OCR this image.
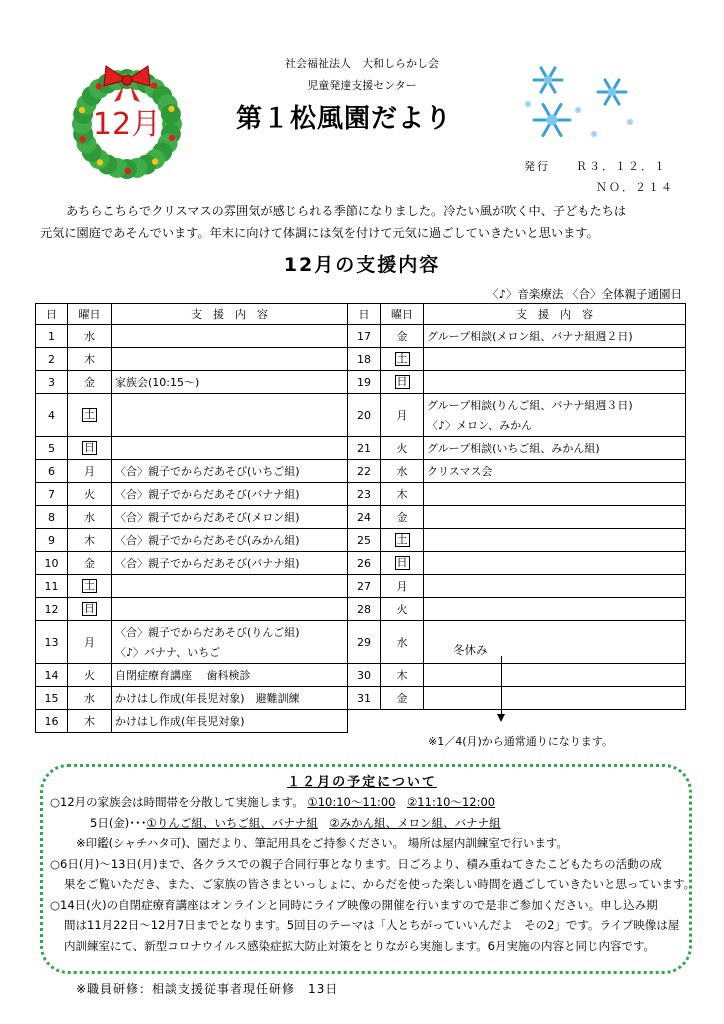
12月
社会福祉法人　大和しらかし会
児童発達支援センター
第１松風園だより
発行　　Ｒ３．１２．１
ＮＯ．２１４
あちらこちらでクリスマスの雰囲気が感じられる季節になりました。冷たい風が吹く中、子どもたちは
元気に園庭であそんでいます。年末に向けて体調には気を付けて元気に過ごしていきたいと思います。
12月の支援内容
〈♪〉音楽療法 〈合〉全体親子通園日
日	曜日	支　援　内　容	日	曜日	支　援　内　容
1	水		17	金	グループ相談(メロン組、バナナ組週２日)

2	木		18	土	

3	金	家族会(10:15～)	19	日	

4	土		20	月	グループ相談(りんご組、バナナ組週３日)
〈♪〉メロン、みかん

5	日		21	火	グループ相談(いちご組、みかん組)

6	月	〈合〉親子でからだあそび(いちご組)	22	水	クリスマス会

7	火	〈合〉親子でからだあそび(バナナ組)	23	木	

8	水	〈合〉親子でからだあそび(メロン組)	24	金	

9	木	〈合〉親子でからだあそび(みかん組)	25	土	

10	金	〈合〉親子でからだあそび(バナナ組)	26	日	

11	土		27	月	

12	日		28	火	

13	月	〈合〉親子でからだあそび(りんご組)
〈♪〉バナナ、いちご	29	水	

14	火	自閉症療育講座　 歯科検診	30	木	

15	水	かけはし作成(年長児対象)　避難訓練	31	金	

16	木	かけはし作成(年長児対象)			

冬休み
※1／4(月)から通常通りになります。
１２月の予定について
○12月の家族会は時間帯を分散して実施します。 ①10:10～11:00　 ②11:10～12:00
5日(金)･･･①りんご組、いちご組、バナナ組　 ②みかん組、メロン組、バナナ組
※印鑑(シャチハタ可)、園だより、筆記用具をご持参ください。 場所は屋内訓練室で行います。
○6日(月)～13日(月)まで、各クラスでの親子合同行事となります。日ごろより、積み重ねてきたこどもたちの活動の成
果をご覧いただき、また、ご家族の皆さまといっしょに、からだを使った楽しい時間を過ごしていきたいと思っています。
○14日(火)の自閉症療育講座はオンラインと同時にライブ映像の開催を行いますので是非ご参加ください。申し込み期
間は11月22日～12月7日までとなります。5回目のテーマは「人とちがっていいんだよ　その2」です。ライブ映像は屋
内訓練室にて、新型コロナウイルス感染症拡大防止対策をとりながら実施します。6月実施の内容と同じ内容です。
※職員研修：相談支援従事者現任研修　13日
